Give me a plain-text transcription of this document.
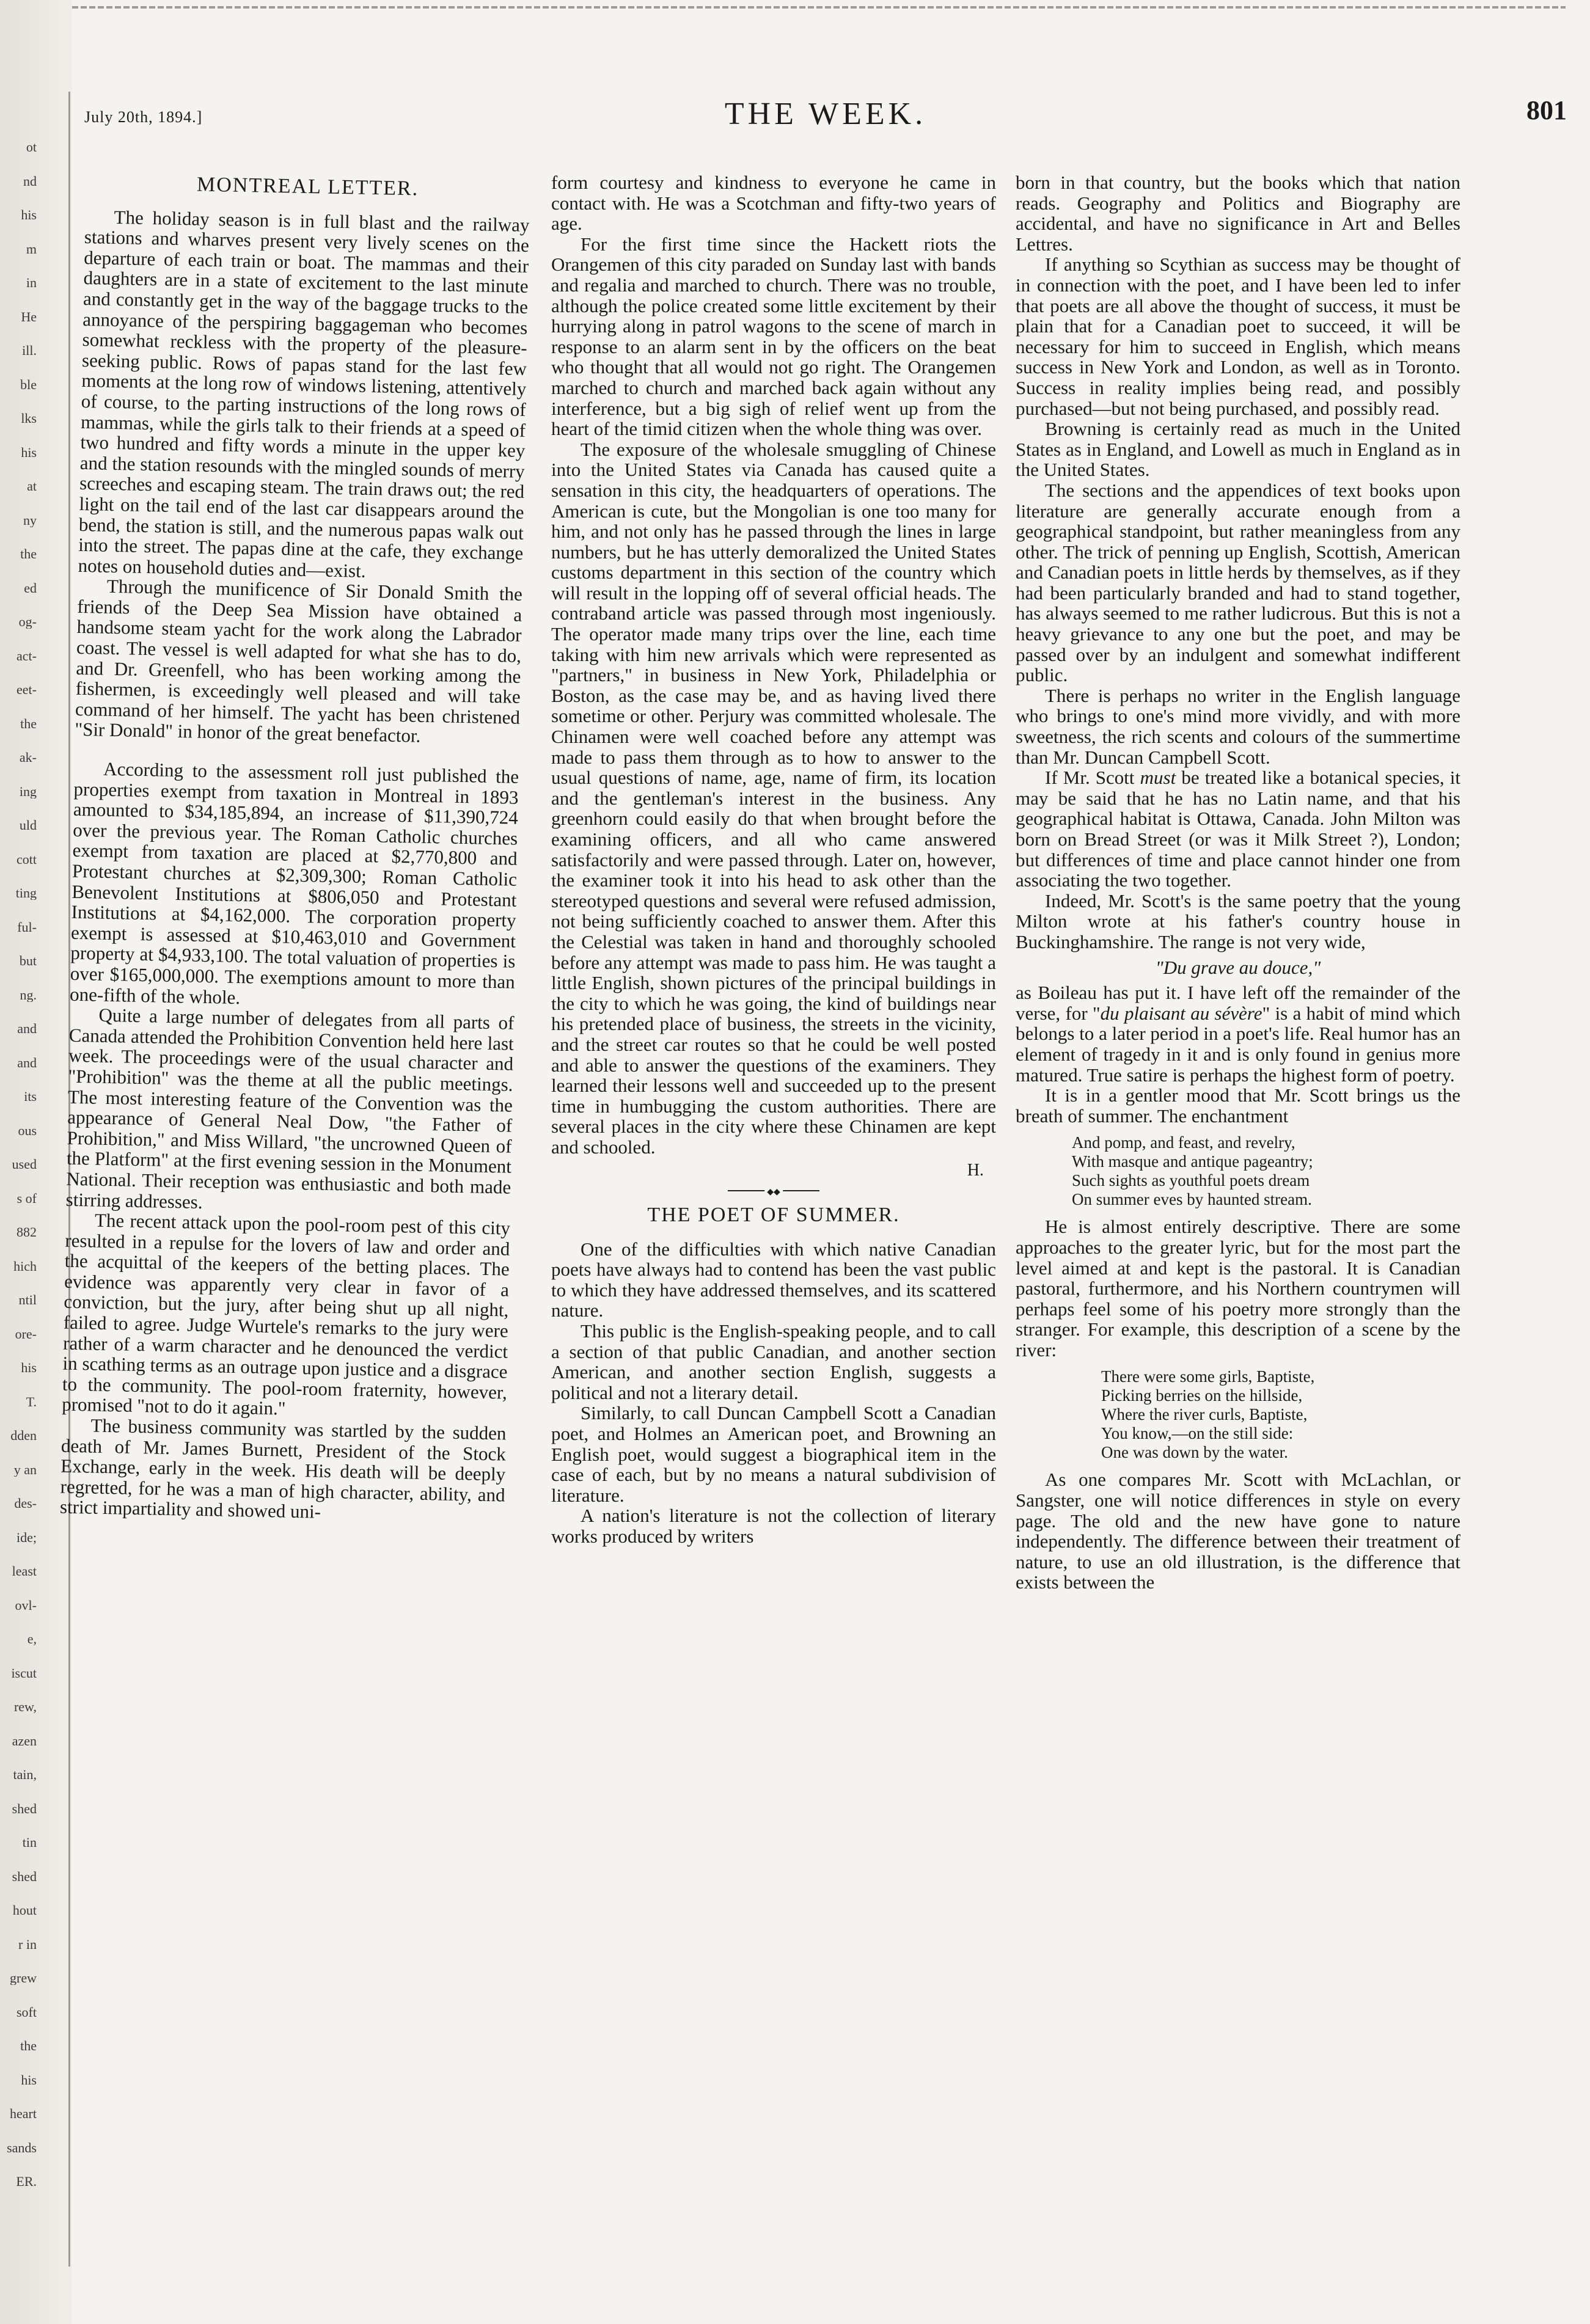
ot
nd
his
m
in
He
ill.
ble
lks
his
at
ny
the
ed
og-
act-
eet-
the
ak-
ing
uld
cott
ting
ful-
but
ng.
and
and
its
ous
used
s of
882
hich
ntil
ore-
his
T.
dden
y an
des-
ide;
least
ovl-
e,
iscut
rew,
azen
tain,
shed
tin
shed
hout
r in
grew
soft
the
his
heart
sands
ER.
July 20th, 1894.]	THE WEEK.	801
MONTREAL LETTER.

The holiday season is in full blast and the railway stations and wharves present very lively scenes on the departure of each train or boat. The mammas and their daughters are in a state of excitement to the last minute and constantly get in the way of the baggage trucks to the annoyance of the perspiring baggageman who becomes somewhat reckless with the property of the pleasure-seeking public. Rows of papas stand for the last few moments at the long row of windows listening, attentively of course, to the parting instructions of the long rows of mammas, while the girls talk to their friends at a speed of two hundred and fifty words a minute in the upper key and the station resounds with the mingled sounds of merry screeches and escaping steam. The train draws out; the red light on the tail end of the last car disappears around the bend, the station is still, and the numerous papas walk out into the street. The papas dine at the cafe, they exchange notes on household duties and—exist.

Through the munificence of Sir Donald Smith the friends of the Deep Sea Mission have obtained a handsome steam yacht for the work along the Labrador coast. The vessel is well adapted for what she has to do, and Dr. Greenfell, who has been working among the fishermen, is exceedingly well pleased and will take command of her himself. The yacht has been christened "Sir Donald" in honor of the great benefactor.

According to the assessment roll just published the properties exempt from taxation in Montreal in 1893 amounted to $34,185,894, an increase of $11,390,724 over the previous year. The Roman Catholic churches exempt from taxation are placed at $2,770,800 and Protestant churches at $2,309,300; Roman Catholic Benevolent Institutions at $806,050 and Protestant Institutions at $4,162,000. The corporation property exempt is assessed at $10,463,010 and Government property at $4,933,100. The total valuation of properties is over $165,000,000. The exemptions amount to more than one-fifth of the whole.

Quite a large number of delegates from all parts of Canada attended the Prohibition Convention held here last week. The proceedings were of the usual character and "Prohibition" was the theme at all the public meetings. The most interesting feature of the Convention was the appearance of General Neal Dow, "the Father of Prohibition," and Miss Willard, "the uncrowned Queen of the Platform" at the first evening session in the Monument National. Their reception was enthusiastic and both made stirring addresses.

The recent attack upon the pool-room pest of this city resulted in a repulse for the lovers of law and order and the acquittal of the keepers of the betting places. The evidence was apparently very clear in favor of a conviction, but the jury, after being shut up all night, failed to agree. Judge Wurtele's remarks to the jury were rather of a warm character and he denounced the verdict in scathing terms as an outrage upon justice and a disgrace to the community. The pool-room fraternity, however, promised "not to do it again."

The business community was startled by the sudden death of Mr. James Burnett, President of the Stock Exchange, early in the week. His death will be deeply regretted, for he was a man of high character, ability, and strict impartiality and showed uni-

form courtesy and kindness to everyone he came in contact with. He was a Scotchman and fifty-two years of age.

For the first time since the Hackett riots the Orangemen of this city paraded on Sunday last with bands and regalia and marched to church. There was no trouble, although the police created some little excitement by their hurrying along in patrol wagons to the scene of march in response to an alarm sent in by the officers on the beat who thought that all would not go right. The Orangemen marched to church and marched back again without any interference, but a big sigh of relief went up from the heart of the timid citizen when the whole thing was over.

The exposure of the wholesale smuggling of Chinese into the United States via Canada has caused quite a sensation in this city, the headquarters of operations. The American is cute, but the Mongolian is one too many for him, and not only has he passed through the lines in large numbers, but he has utterly demoralized the United States customs department in this section of the country which will result in the lopping off of several official heads. The contraband article was passed through most ingeniously. The operator made many trips over the line, each time taking with him new arrivals which were represented as "partners," in business in New York, Philadelphia or Boston, as the case may be, and as having lived there sometime or other. Perjury was committed wholesale. The Chinamen were well coached before any attempt was made to pass them through as to how to answer to the usual questions of name, age, name of firm, its location and the gentleman's interest in the business. Any greenhorn could easily do that when brought before the examining officers, and all who came answered satisfactorily and were passed through. Later on, however, the examiner took it into his head to ask other than the stereotyped questions and several were refused admission, not being sufficiently coached to answer them. After this the Celestial was taken in hand and thoroughly schooled before any attempt was made to pass him. He was taught a little English, shown pictures of the principal buildings in the city to which he was going, the kind of buildings near his pretended place of business, the streets in the vicinity, and the street car routes so that he could be well posted and able to answer the questions of the examiners. They learned their lessons well and succeeded up to the present time in humbugging the custom authorities. There are several places in the city where these Chinamen are kept and schooled.

H.
◆◆
THE POET OF SUMMER.

One of the difficulties with which native Canadian poets have always had to contend has been the vast public to which they have addressed themselves, and its scattered nature.

This public is the English-speaking people, and to call a section of that public Canadian, and another section American, and another section English, suggests a political and not a literary detail.

Similarly, to call Duncan Campbell Scott a Canadian poet, and Holmes an American poet, and Browning an English poet, would suggest a biographical item in the case of each, but by no means a natural subdivision of literature.

A nation's literature is not the collection of literary works produced by writers

born in that country, but the books which that nation reads. Geography and Politics and Biography are accidental, and have no significance in Art and Belles Lettres.

If anything so Scythian as success may be thought of in connection with the poet, and I have been led to infer that poets are all above the thought of success, it must be plain that for a Canadian poet to succeed, it will be necessary for him to succeed in English, which means success in New York and London, as well as in Toronto. Success in reality implies being read, and possibly purchased—but not being purchased, and possibly read.

Browning is certainly read as much in the United States as in England, and Lowell as much in England as in the United States.

The sections and the appendices of text books upon literature are generally accurate enough from a geographical standpoint, but rather meaningless from any other. The trick of penning up English, Scottish, American and Canadian poets in little herds by themselves, as if they had been particularly branded and had to stand together, has always seemed to me rather ludicrous. But this is not a heavy grievance to any one but the poet, and may be passed over by an indulgent and somewhat indifferent public.

There is perhaps no writer in the English language who brings to one's mind more vividly, and with more sweetness, the rich scents and colours of the summertime than Mr. Duncan Campbell Scott.

If Mr. Scott must be treated like a botanical species, it may be said that he has no Latin name, and that his geographical habitat is Ottawa, Canada. John Milton was born on Bread Street (or was it Milk Street ?), London; but differences of time and place cannot hinder one from associating the two together.

Indeed, Mr. Scott's is the same poetry that the young Milton wrote at his father's country house in Buckinghamshire. The range is not very wide,

"Du grave au douce,"

as Boileau has put it. I have left off the remainder of the verse, for "du plaisant au sévère" is a habit of mind which belongs to a later period in a poet's life. Real humor has an element of tragedy in it and is only found in genius more matured. True satire is perhaps the highest form of poetry.

It is in a gentler mood that Mr. Scott brings us the breath of summer. The enchantment

And pomp, and feast, and revelry,
With masque and antique pageantry;
Such sights as youthful poets dream
On summer eves by haunted stream.

He is almost entirely descriptive. There are some approaches to the greater lyric, but for the most part the level aimed at and kept is the pastoral. It is Canadian pastoral, furthermore, and his Northern countrymen will perhaps feel some of his poetry more strongly than the stranger. For example, this description of a scene by the river:

There were some girls, Baptiste,
Picking berries on the hillside,
Where the river curls, Baptiste,
You know,—on the still side:
One was down by the water.

As one compares Mr. Scott with McLachlan, or Sangster, one will notice differences in style on every page. The old and the new have gone to nature independently. The difference between their treatment of nature, to use an old illustration, is the difference that exists between the
